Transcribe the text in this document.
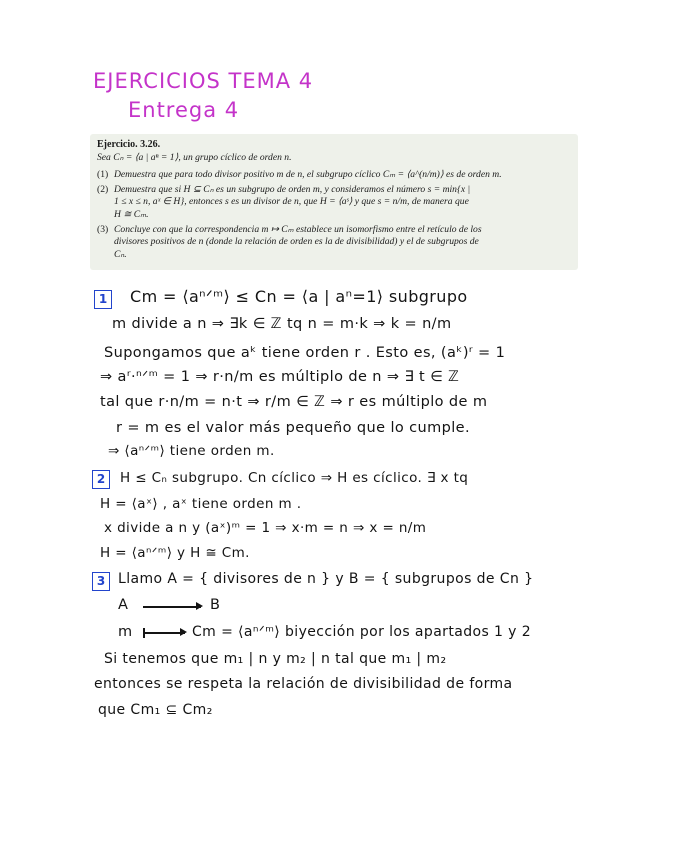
EJERCICIOS TEMA 4
Entrega 4
Ejercicio. 3.26.
Sea Cₙ = ⟨a | aⁿ = 1⟩, un grupo cíclico de orden n.
(1) Demuestra que para todo divisor positivo m de n, el subgrupo cíclico Cₘ = ⟨a^(n/m)⟩ es de orden m.
(2) Demuestra que si H ⊆ Cₙ es un subgrupo de orden m, y consideramos el número s = min{x |
1 ≤ x ≤ n, aˣ ∈ H}, entonces s es un divisor de n, que H = ⟨aˢ⟩ y que s = n/m, de manera que
H ≅ Cₘ.
(3) Concluye con que la correspondencia m ↦ Cₘ establece un isomorfismo entre el retículo de los
divisores positivos de n (donde la relación de orden es la de divisibilidad) y el de subgrupos de
Cₙ.
1	Cm = ⟨aⁿᐟᵐ⟩ ≤ Cn = ⟨a | aⁿ=1⟩ subgrupo
m divide a n ⇒ ∃k ∈ ℤ tq n = m·k ⇒ k = n/m
Supongamos que aᵏ tiene orden r . Esto es, (aᵏ)ʳ = 1
⇒ aʳ·ⁿᐟᵐ = 1 ⇒ r·n/m es múltiplo de n ⇒ ∃ t ∈ ℤ
tal que r·n/m = n·t ⇒ r/m ∈ ℤ ⇒ r es múltiplo de m
r = m es el valor más pequeño que lo cumple.
⇒ ⟨aⁿᐟᵐ⟩ tiene orden m.
2	H ≤ Cₙ subgrupo. Cn cíclico ⇒ H es cíclico. ∃ x tq
H = ⟨aˣ⟩ , aˣ tiene orden m .
x divide a n y (aˣ)ᵐ = 1 ⇒ x·m = n ⇒ x = n/m
H = ⟨aⁿᐟᵐ⟩ y H ≅ Cm.
3 Llamo A = { divisores de n } y B = { subgrupos de Cn }
A	B
m	Cm = ⟨aⁿᐟᵐ⟩ biyección por los apartados 1 y 2
Si tenemos que m₁ | n y m₂ | n tal que m₁ | m₂
entonces se respeta la relación de divisibilidad de forma
que Cm₁ ⊆ Cm₂
